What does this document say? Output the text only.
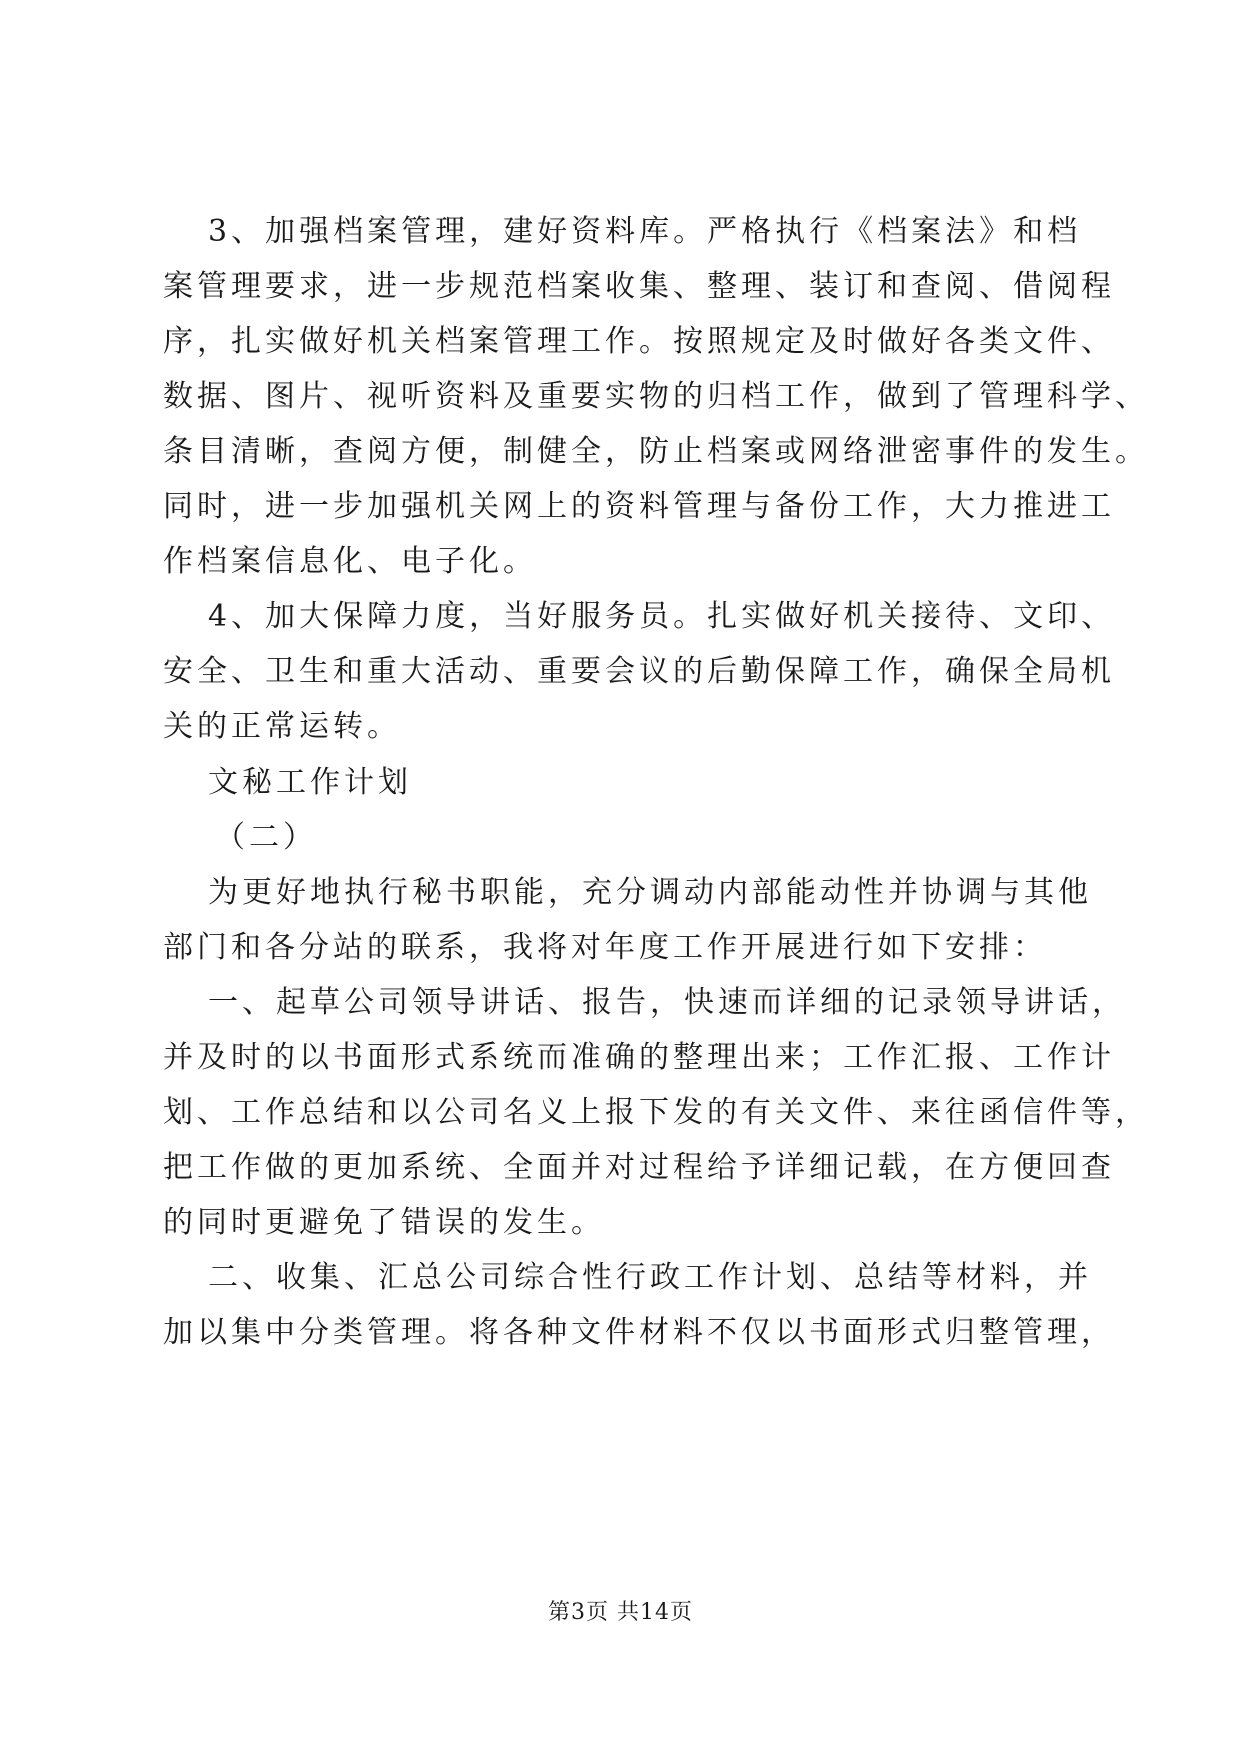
3、加强档案管理，建好资料库。严格执行《档案法》和档
案管理要求，进一步规范档案收集、整理、装订和查阅、借阅程
序，扎实做好机关档案管理工作。按照规定及时做好各类文件、
数据、图片、视听资料及重要实物的归档工作，做到了管理科学、
条目清晰，查阅方便，制健全，防止档案或网络泄密事件的发生。
同时，进一步加强机关网上的资料管理与备份工作，大力推进工
作档案信息化、电子化。
4、加大保障力度，当好服务员。扎实做好机关接待、文印、
安全、卫生和重大活动、重要会议的后勤保障工作，确保全局机
关的正常运转。
文秘工作计划
（二）
为更好地执行秘书职能，充分调动内部能动性并协调与其他
部门和各分站的联系，我将对年度工作开展进行如下安排：
一、起草公司领导讲话、报告，快速而详细的记录领导讲话，
并及时的以书面形式系统而准确的整理出来；工作汇报、工作计
划、工作总结和以公司名义上报下发的有关文件、来往函信件等，
把工作做的更加系统、全面并对过程给予详细记载，在方便回查
的同时更避免了错误的发生。
二、收集、汇总公司综合性行政工作计划、总结等材料，并
加以集中分类管理。将各种文件材料不仅以书面形式归整管理，
第3页 共14页
